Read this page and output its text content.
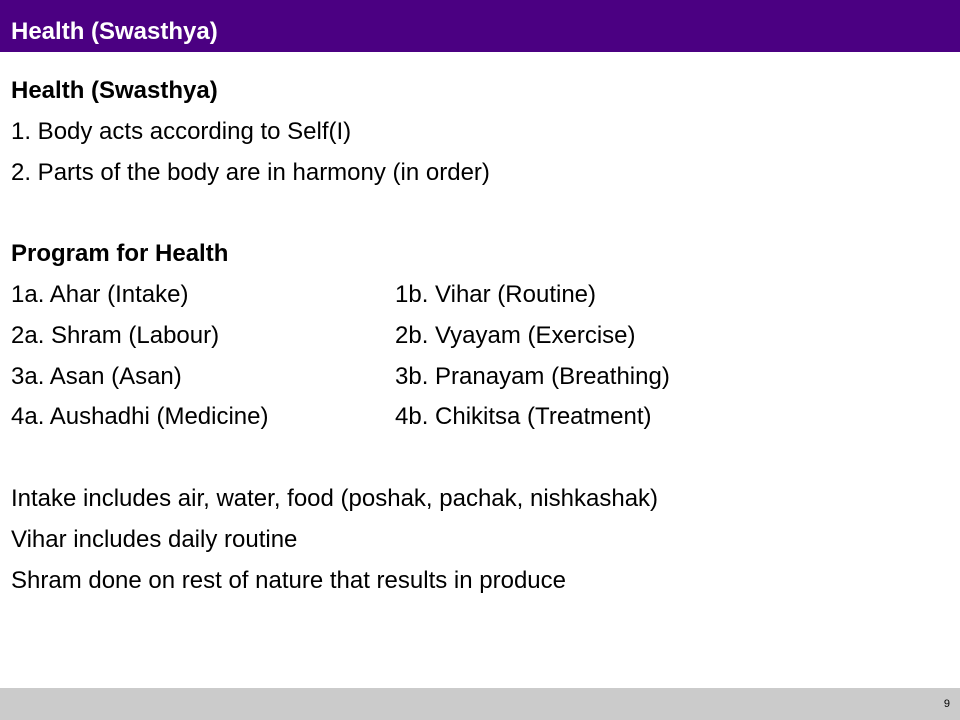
Health (Swasthya)
Health (Swasthya)
1. Body acts according to Self(I)
2. Parts of the body are in harmony (in order)
Program for Health
1a. Ahar (Intake)	1b. Vihar (Routine)
2a. Shram (Labour)	2b. Vyayam (Exercise)
3a. Asan (Asan)	3b. Pranayam (Breathing)
4a. Aushadhi (Medicine)	4b. Chikitsa (Treatment)
Intake includes air, water, food (poshak, pachak, nishkashak)
Vihar includes daily routine
Shram done on rest of nature that results in produce
9
